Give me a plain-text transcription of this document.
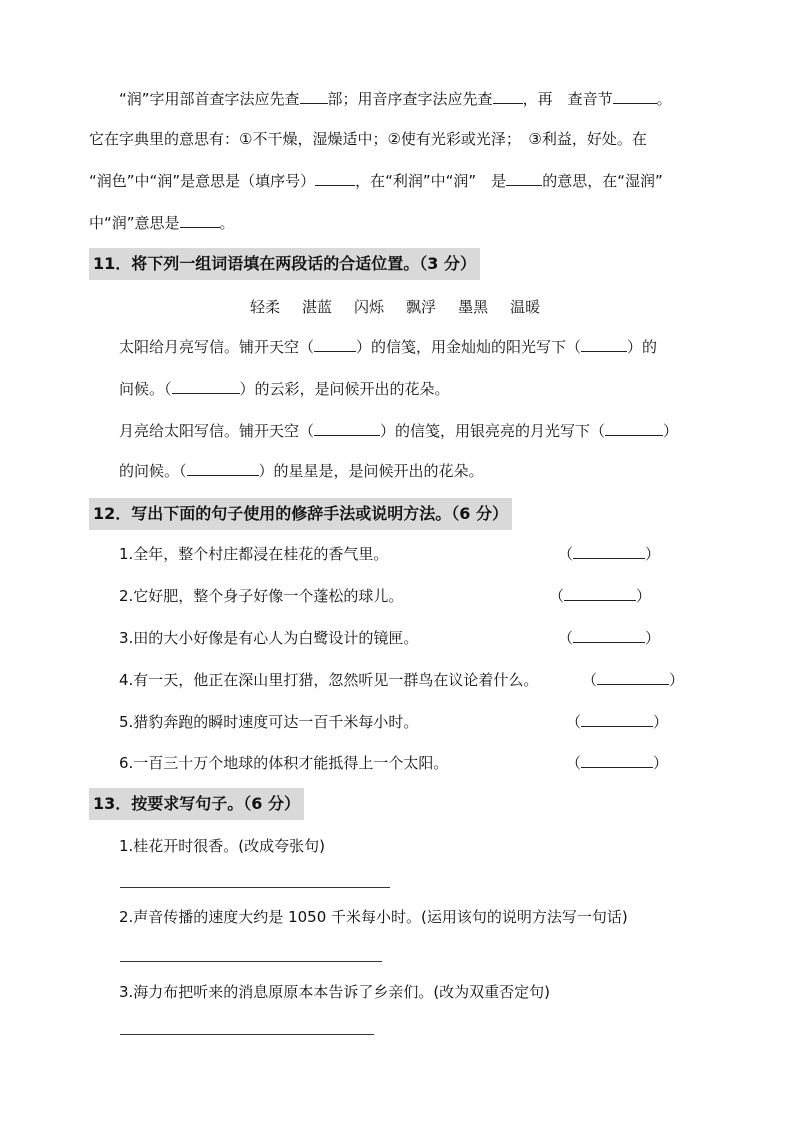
“润”字用部首查字法应先查 部；用音序查字法应先查 ，再　查音节	。
它在字典里的意思有：①不干燥，湿燥适中；②使有光彩或光泽；　③利益，好处。在
“润色”中“润”是意思是（填序号）	，在“利润”中“润”　是 的意思，在“湿润”
中“润”意思是	。
11．将下列一组词语填在两段话的合适位置。（3 分）
轻柔 湛蓝 闪烁 飘浮 墨黑 温暖
太阳给月亮写信。铺开天空（	）的信笺，用金灿灿的阳光写下（	）的
问候。（	）的云彩，是问候开出的花朵。
月亮给太阳写信。铺开天空（	）的信笺，用银亮亮的月光写下（	）
的问候。（	）的星星是，是问候开出的花朵。
12．写出下面的句子使用的修辞手法或说明方法。（6 分）
1.全年，整个村庄都浸在桂花的香气里。	（	）
2.它好肥，整个身子好像一个蓬松的球儿。	（	）
3.田的大小好像是有心人为白鹭设计的镜匣。	（	）
4.有一天，他正在深山里打猎，忽然听见一群鸟在议论着什么。	（	）
5.猎豹奔跑的瞬时速度可达一百千米每小时。	（	）
6.一百三十万个地球的体积才能抵得上一个太阳。	（	）
13．按要求写句子。（6 分）
1.桂花开时很香。(改成夸张句)
2.声音传播的速度大约是 1050 千米每小时。(运用该句的说明方法写一句话)
3.海力布把听来的消息原原本本告诉了乡亲们。(改为双重否定句)
